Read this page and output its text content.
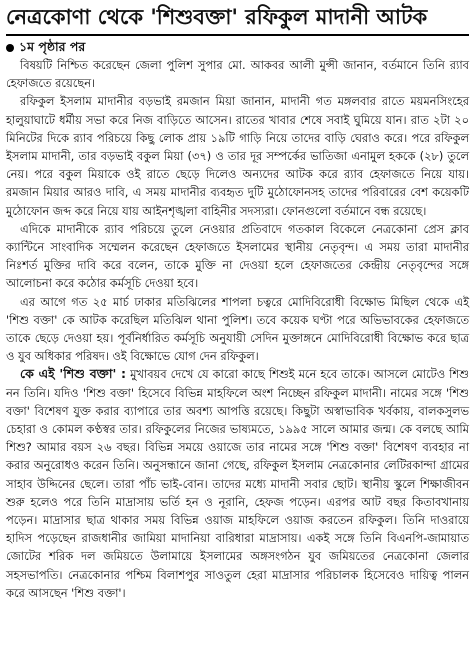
নেত্রকোণা থেকে 'শিশুবক্তা' রফিকুল মাদানী আটক
১ম পৃষ্ঠার পর

বিষয়টি নিশ্চিত করেছেন জেলা পুলিশ সুপার মো. আকবর আলী মুন্সী জানান, বর্তমানে তিনি র‍্যাব হেফাজতে রয়েছেন।

রফিকুল ইসলাম মাদানীর বড়ভাই রমজান মিয়া জানান, মাদানী গত মঙ্গলবার রাতে ময়মনসিংহের হালুয়াঘাটে ধর্মীয় সভা করে নিজ বাড়িতে আসেন। রাতের খাবার শেষে সবাই ঘুমিয়ে যান। রাত ২টা ২০ মিনিটের দিকে র‍্যাব পরিচয়ে কিছু লোক প্রায় ১৯টি গাড়ি নিয়ে তাদের বাড়ি ঘেরাও করে। পরে রফিকুল ইসলাম মাদানী, তার বড়ভাই বকুল মিয়া (৩৭) ও তার দূর সম্পর্কের ভাতিজা এনামুল হককে (২৮) তুলে নেয়। পরে বকুল মিয়াকে ওই রাতে ছেড়ে দিলেও অন্যদের আটক করে র‍্যাব হেফাজতে নিয়ে যায়। রমজান মিয়ার আরও দাবি, এ সময় মাদানীর ব্যবহৃত দুটি মুঠোফোনসহ তাদের পরিবারের বেশ কয়েকটি মুঠোফোন জব্দ করে নিয়ে যায় আইনশৃঙ্খলা বাহিনীর সদস্যরা। ফোনগুলো বর্তমানে বন্ধ রয়েছে।

এদিকে মাদানীকে র‍্যাব পরিচয়ে তুলে নেওয়ার প্রতিবাদে গতকাল বিকেলে নেত্রকোনা প্রেস ক্লাব ক্যান্টিনে সাংবাদিক সম্মেলন করেছেন হেফাজতে ইসলামের স্থানীয় নেতৃবৃন্দ। এ সময় তারা মাদানীর নিঃশর্ত মুক্তির দাবি করে বলেন, তাকে মুক্তি না দেওয়া হলে হেফাজতের কেন্দ্রীয় নেতৃবৃন্দের সঙ্গে আলোচনা করে কঠোর কর্মসূচি দেওয়া হবে।

এর আগে গত ২৫ মার্চ ঢাকার মতিঝিলের শাপলা চত্বরে মোদিবিরোধী বিক্ষোভ মিছিল থেকে এই 'শিশু বক্তা' কে আটক করেছিল মতিঝিল থানা পুলিশ। তবে কয়েক ঘণ্টা পরে অভিভাবকের হেফাজতে তাকে ছেড়ে দেওয়া হয়। পূর্বনির্ধারিত কর্মসূচি অনুযায়ী সেদিন মুক্তাঙ্গনে মোদিবিরোধী বিক্ষোভ করে ছাত্র ও যুব অধিকার পরিষদ। ওই বিক্ষোভে যোগ দেন রফিকুল।

কে এই 'শিশু বক্তা' : মুখাবয়ব দেখে যে কারো কাছে শিশুই মনে হবে তাকে। আসলে মোটেও শিশু নন তিনি। যদিও 'শিশু বক্তা' হিসেবে বিভিন্ন মাহফিলে অংশ নিচ্ছেন রফিকুল মাদানী। নামের সঙ্গে 'শিশু বক্তা' বিশেষণ যুক্ত করার ব্যাপারে তার অবশ্য আপত্তি রয়েছে। কিছুটা অস্বাভাবিক খর্বকায়, বালকসুলভ চেহারা ও কোমল কণ্ঠস্বর তার। রফিকুলের নিজের ভাষ্যমতে, ১৯৯৫ সালে আমার জন্ম। কে বলছে আমি শিশু? আমার বয়স ২৬ বছর। বিভিন্ন সময়ে ওয়াজে তার নামের সঙ্গে 'শিশু বক্তা' বিশেষণ ব্যবহার না করার অনুরোধও করেন তিনি। অনুসন্ধানে জানা গেছে, রফিকুল ইসলাম নেত্রকোনার লেটিরকান্দা গ্রামের সাহাব উদ্দিনের ছেলে। তারা পাঁচ ভাই-বোন। তাদের মধ্যে মাদানী সবার ছোট। স্থানীয় স্কুলে শিক্ষাজীবন শুরু হলেও পরে তিনি মাদ্রাসায় ভর্তি হন ও নূরানি, হেফজ পড়েন। এরপর আট বছর কিতাবখানায় পড়েন। মাদ্রাসার ছাত্র থাকার সময় বিভিন্ন ওয়াজ মাহফিলে ওয়াজ করতেন রফিকুল। তিনি দাওরায়ে হাদিস পড়েছেন রাজধানীর জামিয়া মাদানিয়া বারিধারা মাদ্রাসায়। একই সঙ্গে তিনি বিএনপি-জামায়াত জোটের শরিক দল জমিয়তে উলামায়ে ইসলামের অঙ্গসংগঠন যুব জমিয়তের নেত্রকোনা জেলার সহসভাপতি। নেত্রকোনার পশ্চিম বিলাশপুর সাওতুল হেরা মাদ্রাসার পরিচালক হিসেবেও দায়িত্ব পালন করে আসছেন 'শিশু বক্তা'।
